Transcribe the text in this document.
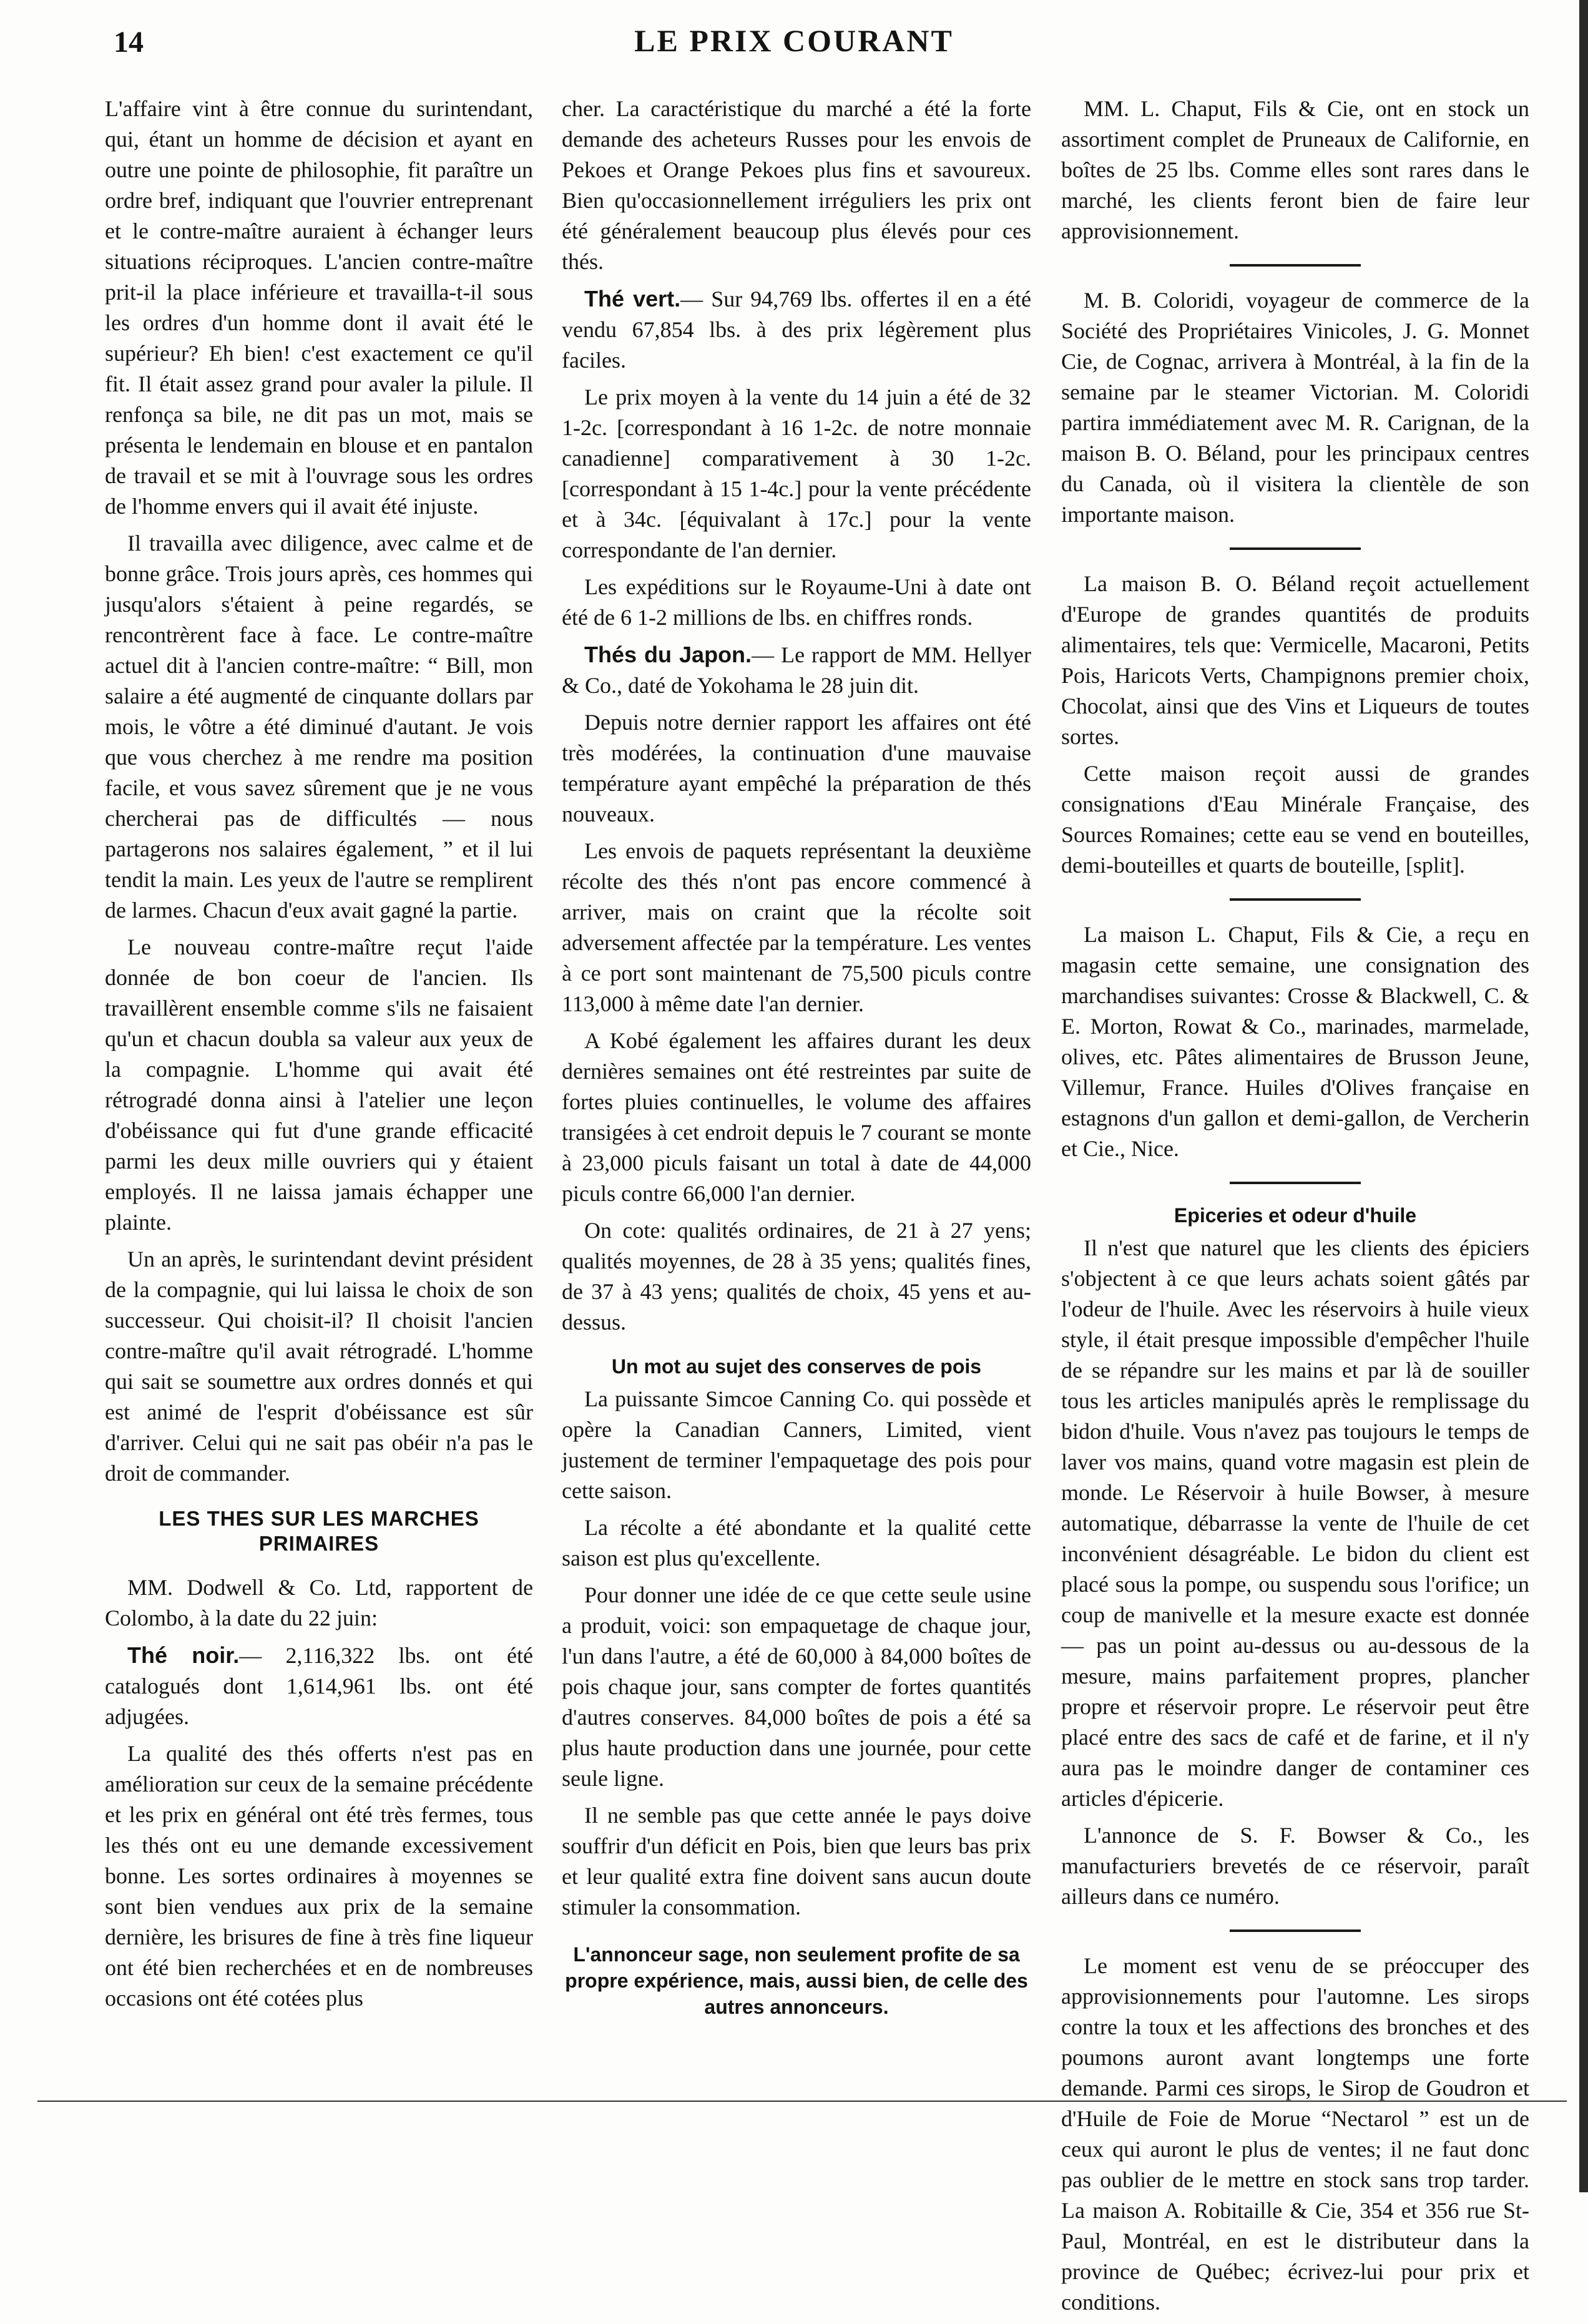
14	LE PRIX COURANT

L'affaire vint à être connue du surintendant, qui, étant un homme de décision et ayant en outre une pointe de philosophie, fit paraître un ordre bref, indiquant que l'ouvrier entreprenant et le contre-maître auraient à échanger leurs situations réciproques. L'ancien contre-maître prit-il la place inférieure et travailla-t-il sous les ordres d'un homme dont il avait été le supérieur? Eh bien! c'est exactement ce qu'il fit. Il était assez grand pour avaler la pilule. Il renfonça sa bile, ne dit pas un mot, mais se présenta le lendemain en blouse et en pantalon de travail et se mit à l'ouvrage sous les ordres de l'homme envers qui il avait été injuste.

Il travailla avec diligence, avec calme et de bonne grâce. Trois jours après, ces hommes qui jusqu'alors s'étaient à peine regardés, se rencontrèrent face à face. Le contre-maître actuel dit à l'ancien contre-maître: “ Bill, mon salaire a été augmenté de cinquante dollars par mois, le vôtre a été diminué d'autant. Je vois que vous cherchez à me rendre ma position facile, et vous savez sûrement que je ne vous chercherai pas de difficultés — nous partagerons nos salaires également, ” et il lui tendit la main. Les yeux de l'autre se remplirent de larmes. Chacun d'eux avait gagné la partie.

Le nouveau contre-maître reçut l'aide donnée de bon coeur de l'ancien. Ils travaillèrent ensemble comme s'ils ne faisaient qu'un et chacun doubla sa valeur aux yeux de la compagnie. L'homme qui avait été rétrogradé donna ainsi à l'atelier une leçon d'obéissance qui fut d'une grande efficacité parmi les deux mille ouvriers qui y étaient employés. Il ne laissa jamais échapper une plainte.

Un an après, le surintendant devint président de la compagnie, qui lui laissa le choix de son successeur. Qui choisit-il? Il choisit l'ancien contre-maître qu'il avait rétrogradé. L'homme qui sait se soumettre aux ordres donnés et qui est animé de l'esprit d'obéissance est sûr d'arriver. Celui qui ne sait pas obéir n'a pas le droit de commander.

LES THES SUR LES MARCHES PRIMAIRES

MM. Dodwell & Co. Ltd, rapportent de Colombo, à la date du 22 juin:

Thé noir.— 2,116,322 lbs. ont été catalogués dont 1,614,961 lbs. ont été adjugées.

La qualité des thés offerts n'est pas en amélioration sur ceux de la semaine précédente et les prix en général ont été très fermes, tous les thés ont eu une demande excessivement bonne. Les sortes ordinaires à moyennes se sont bien vendues aux prix de la semaine dernière, les brisures de fine à très fine liqueur ont été bien recherchées et en de nombreuses occasions ont été cotées plus

cher. La caractéristique du marché a été la forte demande des acheteurs Russes pour les envois de Pekoes et Orange Pekoes plus fins et savoureux. Bien qu'occasionnellement irréguliers les prix ont été généralement beaucoup plus élevés pour ces thés.

Thé vert.— Sur 94,769 lbs. offertes il en a été vendu 67,854 lbs. à des prix légèrement plus faciles.

Le prix moyen à la vente du 14 juin a été de 32 1-2c. [correspondant à 16 1-2c. de notre monnaie canadienne] comparativement à 30 1-2c. [correspondant à 15 1-4c.] pour la vente précédente et à 34c. [équivalant à 17c.] pour la vente correspondante de l'an dernier.

Les expéditions sur le Royaume-Uni à date ont été de 6 1-2 millions de lbs. en chiffres ronds.

Thés du Japon.— Le rapport de MM. Hellyer & Co., daté de Yokohama le 28 juin dit.

Depuis notre dernier rapport les affaires ont été très modérées, la continuation d'une mauvaise température ayant empêché la préparation de thés nouveaux.

Les envois de paquets représentant la deuxième récolte des thés n'ont pas encore commencé à arriver, mais on craint que la récolte soit adversement affectée par la température. Les ventes à ce port sont maintenant de 75,500 piculs contre 113,000 à même date l'an dernier.

A Kobé également les affaires durant les deux dernières semaines ont été restreintes par suite de fortes pluies continuelles, le volume des affaires transigées à cet endroit depuis le 7 courant se monte à 23,000 piculs faisant un total à date de 44,000 piculs contre 66,000 l'an dernier.

On cote: qualités ordinaires, de 21 à 27 yens; qualités moyennes, de 28 à 35 yens; qualités fines, de 37 à 43 yens; qualités de choix, 45 yens et au-dessus.

Un mot au sujet des conserves de pois

La puissante Simcoe Canning Co. qui possède et opère la Canadian Canners, Limited, vient justement de terminer l'empaquetage des pois pour cette saison.

La récolte a été abondante et la qualité cette saison est plus qu'excellente.

Pour donner une idée de ce que cette seule usine a produit, voici: son empaquetage de chaque jour, l'un dans l'autre, a été de 60,000 à 84,000 boîtes de pois chaque jour, sans compter de fortes quantités d'autres conserves. 84,000 boîtes de pois a été sa plus haute production dans une journée, pour cette seule ligne.

Il ne semble pas que cette année le pays doive souffrir d'un déficit en Pois, bien que leurs bas prix et leur qualité extra fine doivent sans aucun doute stimuler la consommation.

L'annonceur sage, non seulement profite de sa propre expérience, mais, aussi bien, de celle des autres annonceurs.

MM. L. Chaput, Fils & Cie, ont en stock un assortiment complet de Pruneaux de Californie, en boîtes de 25 lbs. Comme elles sont rares dans le marché, les clients feront bien de faire leur approvisionnement.

M. B. Coloridi, voyageur de commerce de la Société des Propriétaires Vinicoles, J. G. Monnet Cie, de Cognac, arrivera à Montréal, à la fin de la semaine par le steamer Victorian. M. Coloridi partira immédiatement avec M. R. Carignan, de la maison B. O. Béland, pour les principaux centres du Canada, où il visitera la clientèle de son importante maison.

La maison B. O. Béland reçoit actuellement d'Europe de grandes quantités de produits alimentaires, tels que: Vermicelle, Macaroni, Petits Pois, Haricots Verts, Champignons premier choix, Chocolat, ainsi que des Vins et Liqueurs de toutes sortes.

Cette maison reçoit aussi de grandes consignations d'Eau Minérale Française, des Sources Romaines; cette eau se vend en bouteilles, demi-bouteilles et quarts de bouteille, [split].

La maison L. Chaput, Fils & Cie, a reçu en magasin cette semaine, une consignation des marchandises suivantes: Crosse & Blackwell, C. & E. Morton, Rowat & Co., marinades, marmelade, olives, etc. Pâtes alimentaires de Brusson Jeune, Villemur, France. Huiles d'Olives française en estagnons d'un gallon et demi-gallon, de Vercherin et Cie., Nice.

Epiceries et odeur d'huile

Il n'est que naturel que les clients des épiciers s'objectent à ce que leurs achats soient gâtés par l'odeur de l'huile. Avec les réservoirs à huile vieux style, il était presque impossible d'empêcher l'huile de se répandre sur les mains et par là de souiller tous les articles manipulés après le remplissage du bidon d'huile. Vous n'avez pas toujours le temps de laver vos mains, quand votre magasin est plein de monde. Le Réservoir à huile Bowser, à mesure automatique, débarrasse la vente de l'huile de cet inconvénient désagréable. Le bidon du client est placé sous la pompe, ou suspendu sous l'orifice; un coup de manivelle et la mesure exacte est donnée — pas un point au-dessus ou au-dessous de la mesure, mains parfaitement propres, plancher propre et réservoir propre. Le réservoir peut être placé entre des sacs de café et de farine, et il n'y aura pas le moindre danger de contaminer ces articles d'épicerie.

L'annonce de S. F. Bowser & Co., les manufacturiers brevetés de ce réservoir, paraît ailleurs dans ce numéro.

Le moment est venu de se préoccuper des approvisionnements pour l'automne. Les sirops contre la toux et les affections des bronches et des poumons auront avant longtemps une forte demande. Parmi ces sirops, le Sirop de Goudron et d'Huile de Foie de Morue “Nectarol ” est un de ceux qui auront le plus de ventes; il ne faut donc pas oublier de le mettre en stock sans trop tarder. La maison A. Robitaille & Cie, 354 et 356 rue St-Paul, Montréal, en est le distributeur dans la province de Québec; écrivez-lui pour prix et conditions.
